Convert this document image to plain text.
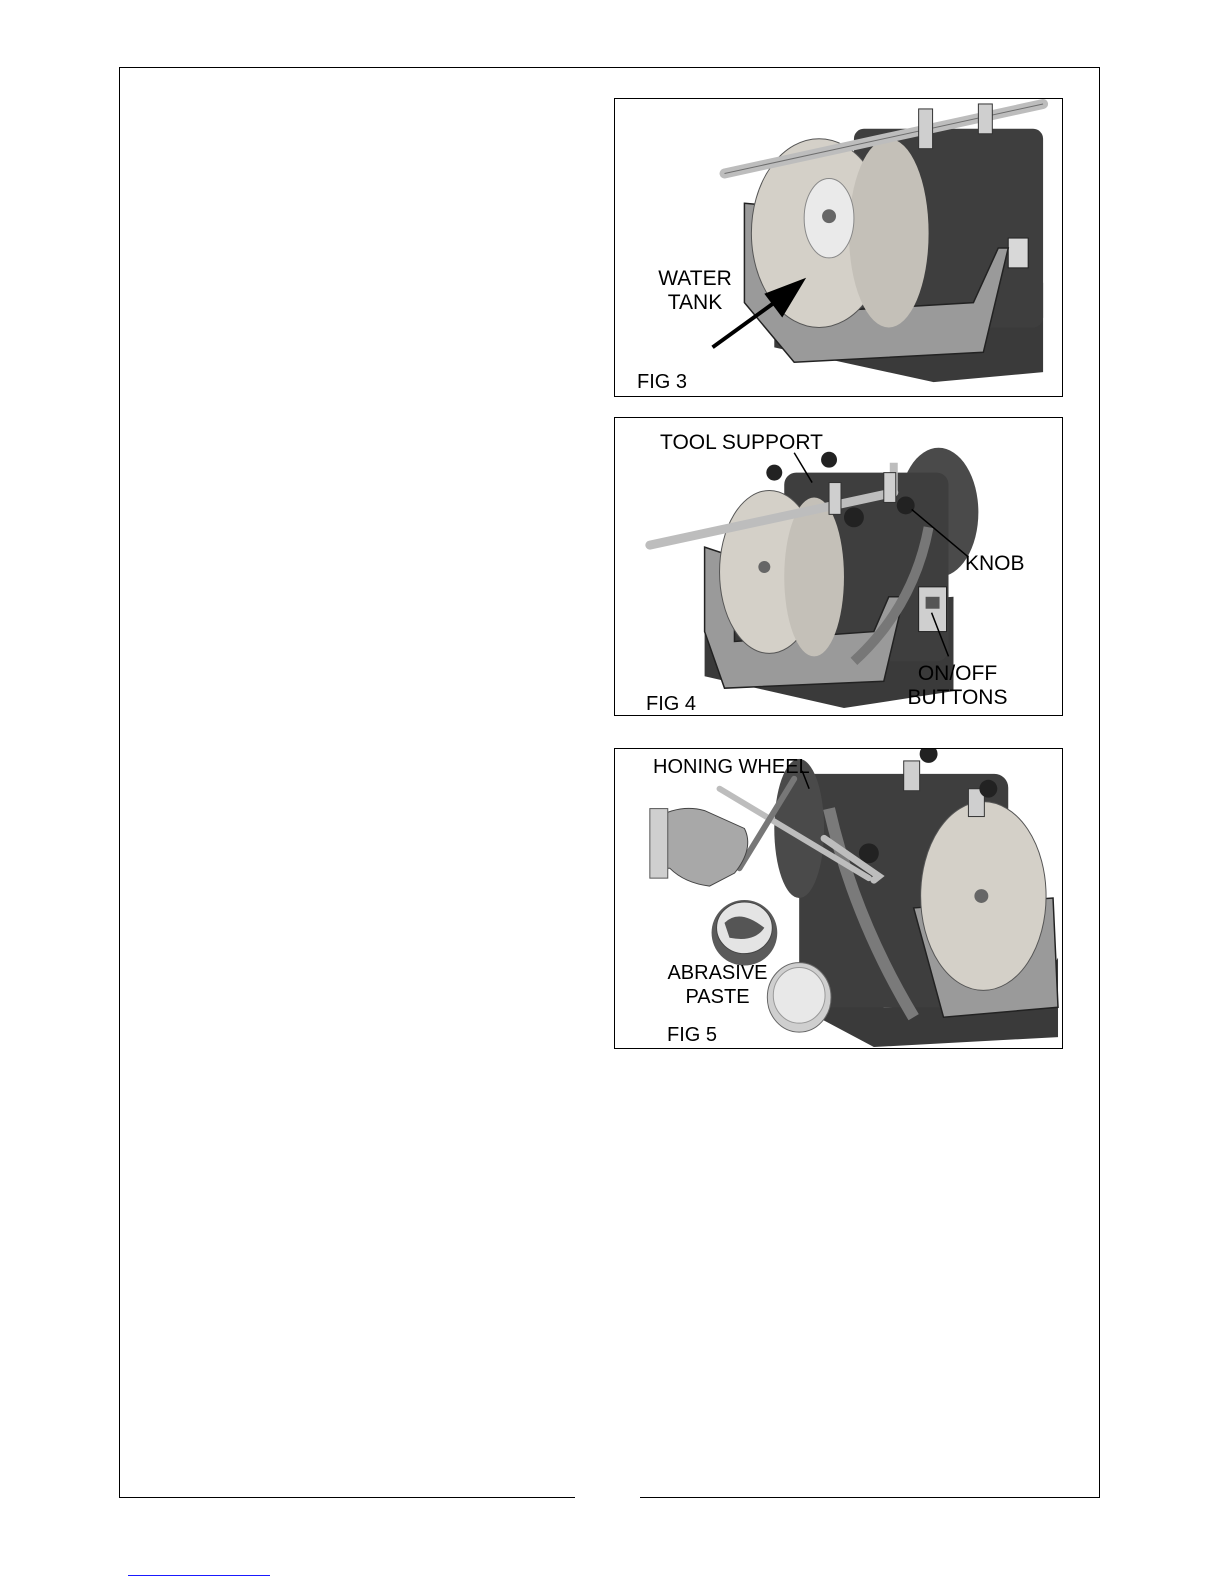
WATER
TANK
FIG 3
TOOL SUPPORT
KNOB
ON/OFF
BUTTONS
FIG 4
HONING WHEEL
ABRASIVE
PASTE
FIG 5
